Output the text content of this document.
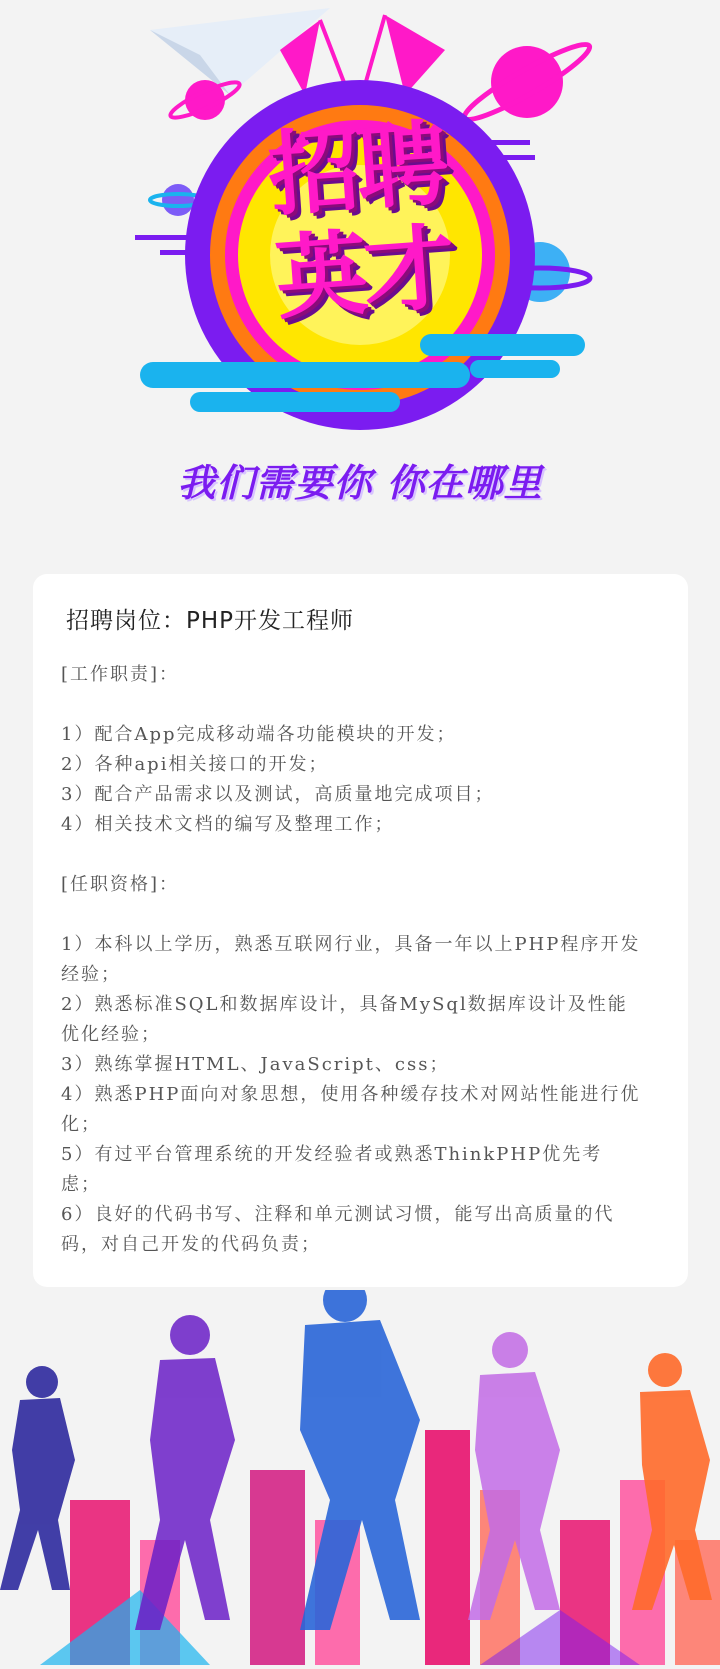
招聘
英才
我们需要你 你在哪里
招聘岗位：PHP开发工程师

[工作职责]：

1）配合App完成移动端各功能模块的开发；

2）各种api相关接口的开发；

3）配合产品需求以及测试，高质量地完成项目；

4）相关技术文档的编写及整理工作；

[任职资格]：

1）本科以上学历，熟悉互联网行业，具备一年以上PHP程序开发经验；

2）熟悉标准SQL和数据库设计，具备MySql数据库设计及性能优化经验；

3）熟练掌握HTML、JavaScript、css；

4）熟悉PHP面向对象思想，使用各种缓存技术对网站性能进行优化；

5）有过平台管理系统的开发经验者或熟悉ThinkPHP优先考虑；

6）良好的代码书写、注释和单元测试习惯，能写出高质量的代码，对自己开发的代码负责；
